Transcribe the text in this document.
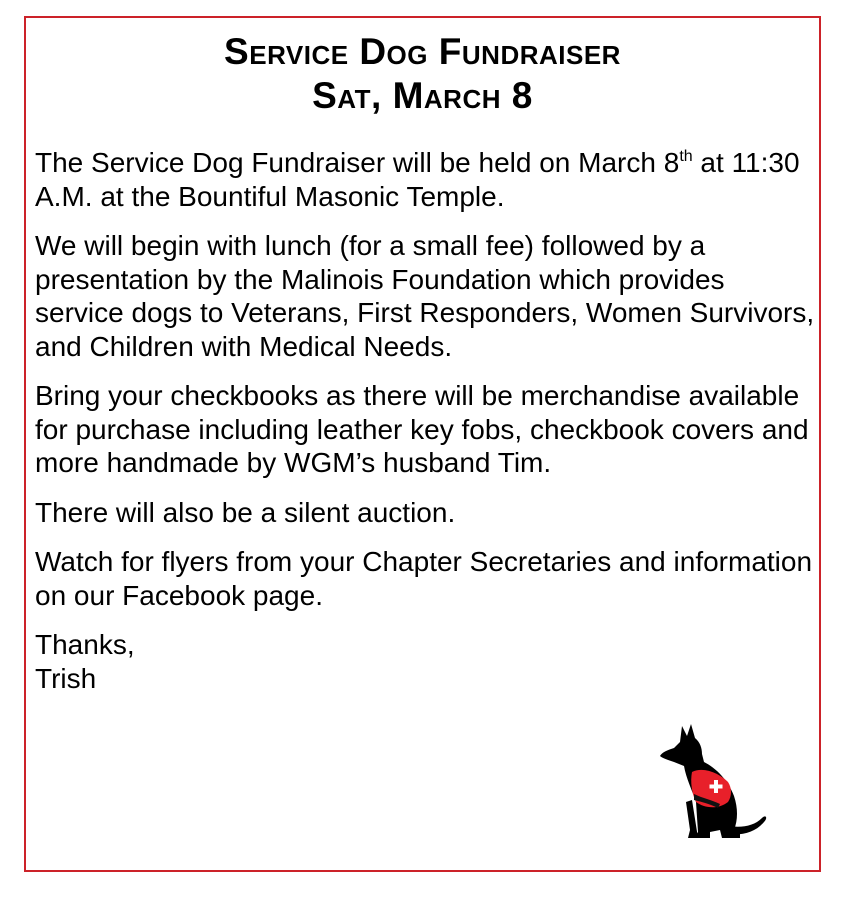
Service Dog Fundraiser
Sat, March 8

The Service Dog Fundraiser will be held on March 8th at 11:30 A.M. at the Bountiful Masonic Temple.

We will begin with lunch (for a small fee) followed by a presentation by the Malinois Foundation which provides service dogs to Veterans, First Responders, Women Survivors, and Children with Medical Needs.

Bring your checkbooks as there will be merchandise available for purchase including leather key fobs, checkbook covers and more handmade by WGM’s husband Tim.

There will also be a silent auction.

Watch for flyers from your Chapter Secretaries and information on our Facebook page.

Thanks,
Trish
